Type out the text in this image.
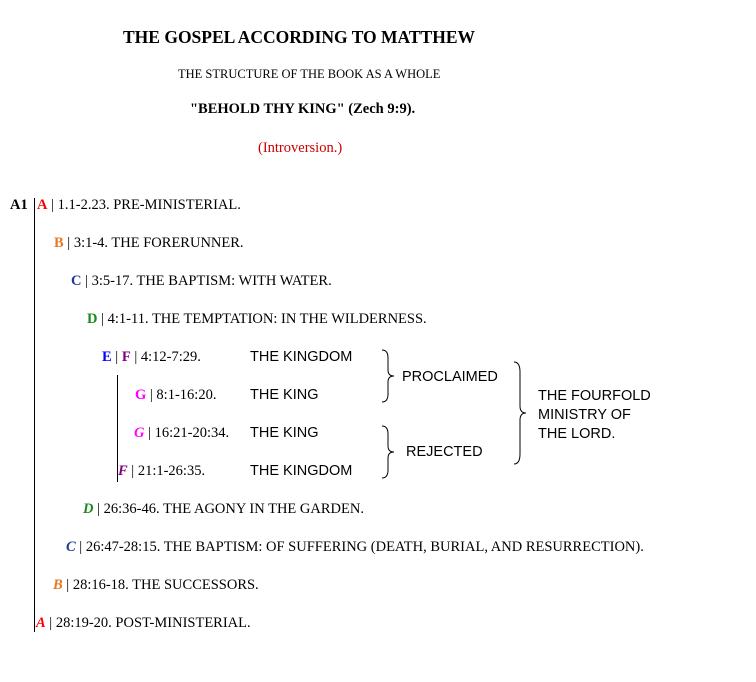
THE GOSPEL ACCORDING TO MATTHEW
THE STRUCTURE OF THE BOOK AS A WHOLE
"BEHOLD THY KING" (Zech 9:9).
(Introversion.)
A1 A | 1.1-2.23. PRE-MINISTERIAL.
B | 3:1-4. THE FORERUNNER.
C | 3:5-17. THE BAPTISM: WITH WATER.
D | 4:1-11. THE TEMPTATION: IN THE WILDERNESS.
E | F | 4:12-7:29.	THE KINGDOM
G | 8:1-16:20. THE KING
G | 16:21-20:34. THE KING
F | 21:1-26:35.	THE KINGDOM
D | 26:36-46. THE AGONY IN THE GARDEN.
C | 26:47-28:15. THE BAPTISM: OF SUFFERING (DEATH, BURIAL, AND RESURRECTION).
B | 28:16-18. THE SUCCESSORS.
A | 28:19-20. POST-MINISTERIAL.
PROCLAIMED
REJECTED
THE FOURFOLD
MINISTRY OF
THE LORD.
